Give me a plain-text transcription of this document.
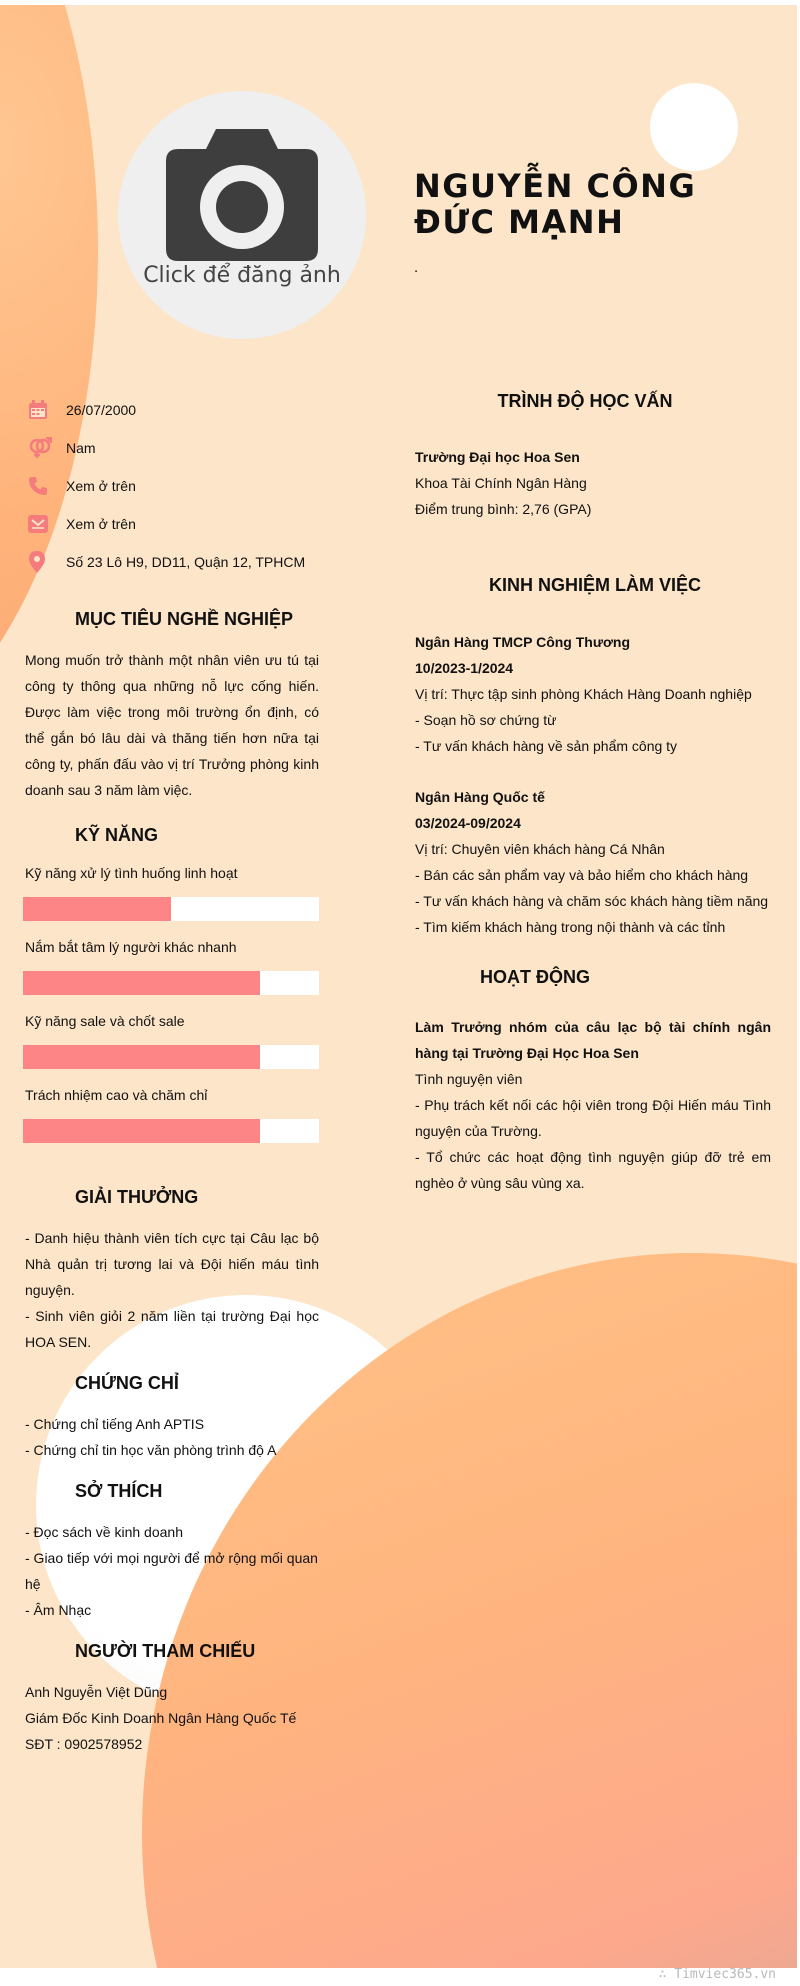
Click để đăng ảnh
NGUYỄN CÔNG ĐỨC MẠNH
.
26/07/2000
Nam
Xem ở trên
Xem ở trên
Số 23 Lô H9, DD11, Quận 12, TPHCM
MỤC TIÊU NGHỀ NGHIỆP
Mong muốn trở thành một nhân viên ưu tú tại công ty thông qua những nỗ lực cống hiến. Được làm việc trong môi trường ổn định, có thể gắn bó lâu dài và thăng tiến hơn nữa tại công ty, phấn đấu vào vị trí Trưởng phòng kinh doanh sau 3 năm làm việc.
KỸ NĂNG
Kỹ năng xử lý tình huống linh hoạt
Nắm bắt tâm lý người khác nhanh
Kỹ năng sale và chốt sale
Trách nhiệm cao và chăm chỉ
GIẢI THƯỞNG
- Danh hiệu thành viên tích cực tại Câu lạc bộ Nhà quản trị tương lai và Đội hiến máu tình nguyện.
- Sinh viên giỏi 2 năm liền tại trường Đại học HOA SEN.
CHỨNG CHỈ
- Chứng chỉ tiếng Anh APTIS
- Chứng chỉ tin học văn phòng trình độ A
SỞ THÍCH
- Đọc sách về kinh doanh
- Giao tiếp với mọi người để mở rộng mối quan hệ
- Âm Nhạc
NGƯỜI THAM CHIẾU
Anh Nguyễn Việt Dũng
Giám Đốc Kinh Doanh Ngân Hàng Quốc Tế
SĐT : 0902578952
TRÌNH ĐỘ HỌC VẤN
Trường Đại học Hoa Sen
Khoa Tài Chính Ngân Hàng
Điểm trung bình: 2,76 (GPA)
KINH NGHIỆM LÀM VIỆC
Ngân Hàng TMCP Công Thương
10/2023-1/2024
Vị trí: Thực tập sinh phòng Khách Hàng Doanh nghiệp
- Soạn hồ sơ chứng từ
- Tư vấn khách hàng về sản phẩm công ty
Ngân Hàng Quốc tế
03/2024-09/2024
Vị trí: Chuyên viên khách hàng Cá Nhân
- Bán các sản phẩm vay và bảo hiểm cho khách hàng
- Tư vấn khách hàng và chăm sóc khách hàng tiềm năng
- Tìm kiếm khách hàng trong nội thành và các tỉnh
HOẠT ĐỘNG
Làm Trưởng nhóm của câu lạc bộ tài chính ngân hàng tại Trường Đại Học Hoa Sen
Tình nguyện viên
- Phụ trách kết nối các hội viên trong Đội Hiến máu Tình nguyện của Trường.
- Tổ chức các hoạt động tình nguyện giúp đỡ trẻ em nghèo ở vùng sâu vùng xa.
∴ Timviec365.vn
